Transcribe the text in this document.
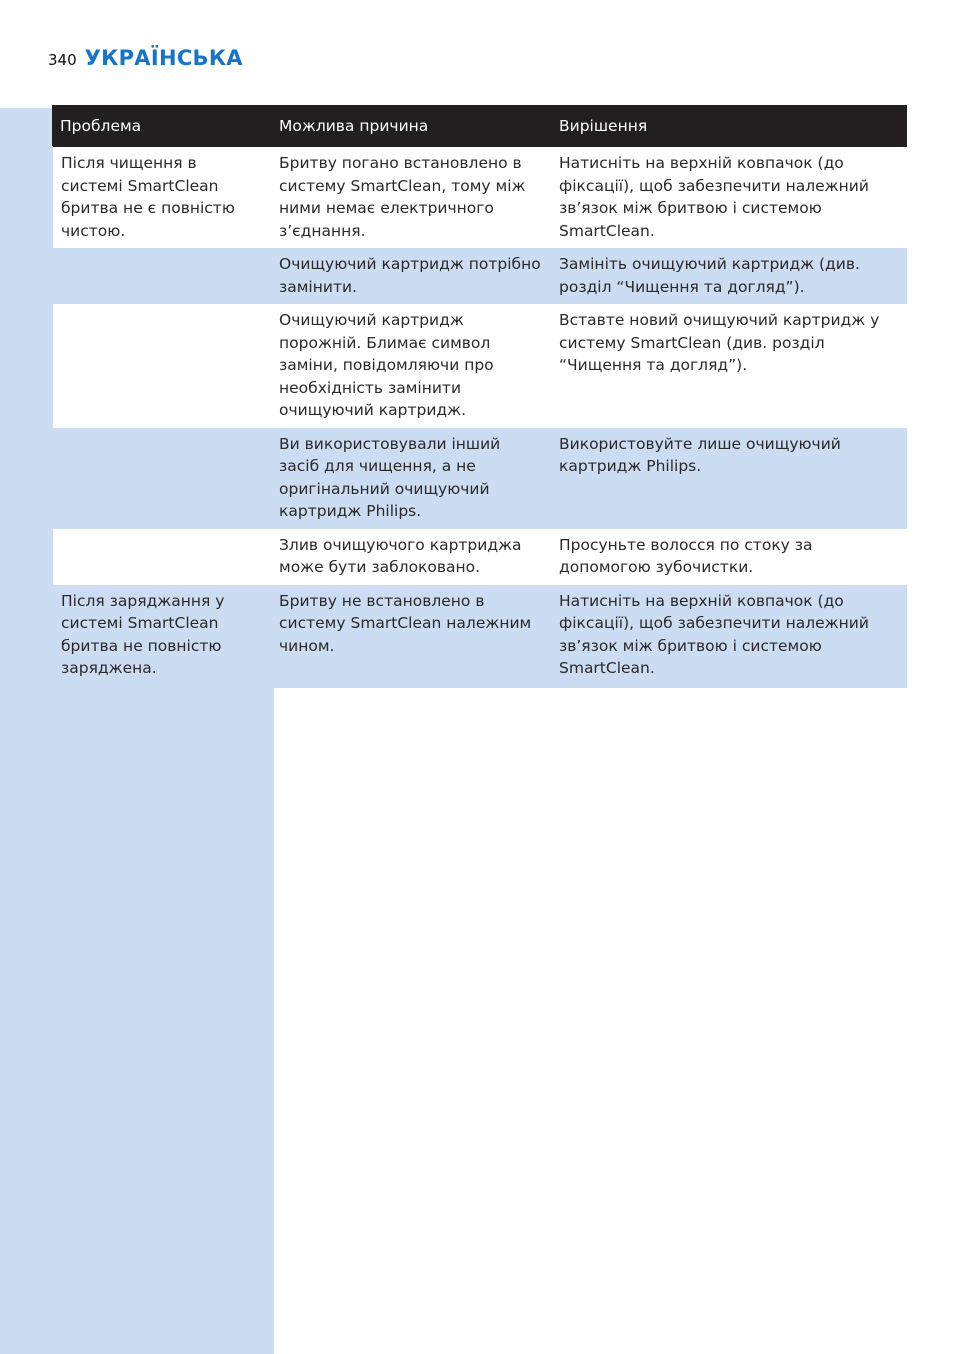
340 УКРАЇНСЬКА
Проблема	Можлива причина	Вирішення
Після чищення в системі SmartClean бритва не є повністю чистою.	Бритву погано встановлено в систему SmartClean, тому між ними немає електричного з’єднання.	Натисніть на верхній ковпачок (до фіксації), щоб забезпечити належний зв’язок між бритвою і системою SmartClean.
	Очищуючий картридж потрібно замінити.	Замініть очищуючий картридж (див. розділ “Чищення та догляд”).
	Очищуючий картридж порожній. Блимає символ заміни, повідомляючи про необхідність замінити очищуючий картридж.	Вставте новий очищуючий картридж у систему SmartClean (див. розділ “Чищення та догляд”).
	Ви використовували інший засіб для чищення, а не оригінальний очищуючий картридж Philips.	Використовуйте лише очищуючий картридж Philips.
	Злив очищуючого картриджа може бути заблоковано.	Просуньте волосся по стоку за допомогою зубочистки.
Після заряджання у системі SmartClean бритва не повністю заряджена.	Бритву не встановлено в систему SmartClean належним чином.	Натисніть на верхній ковпачок (до фіксації), щоб забезпечити належний зв’язок між бритвою і системою SmartClean.
